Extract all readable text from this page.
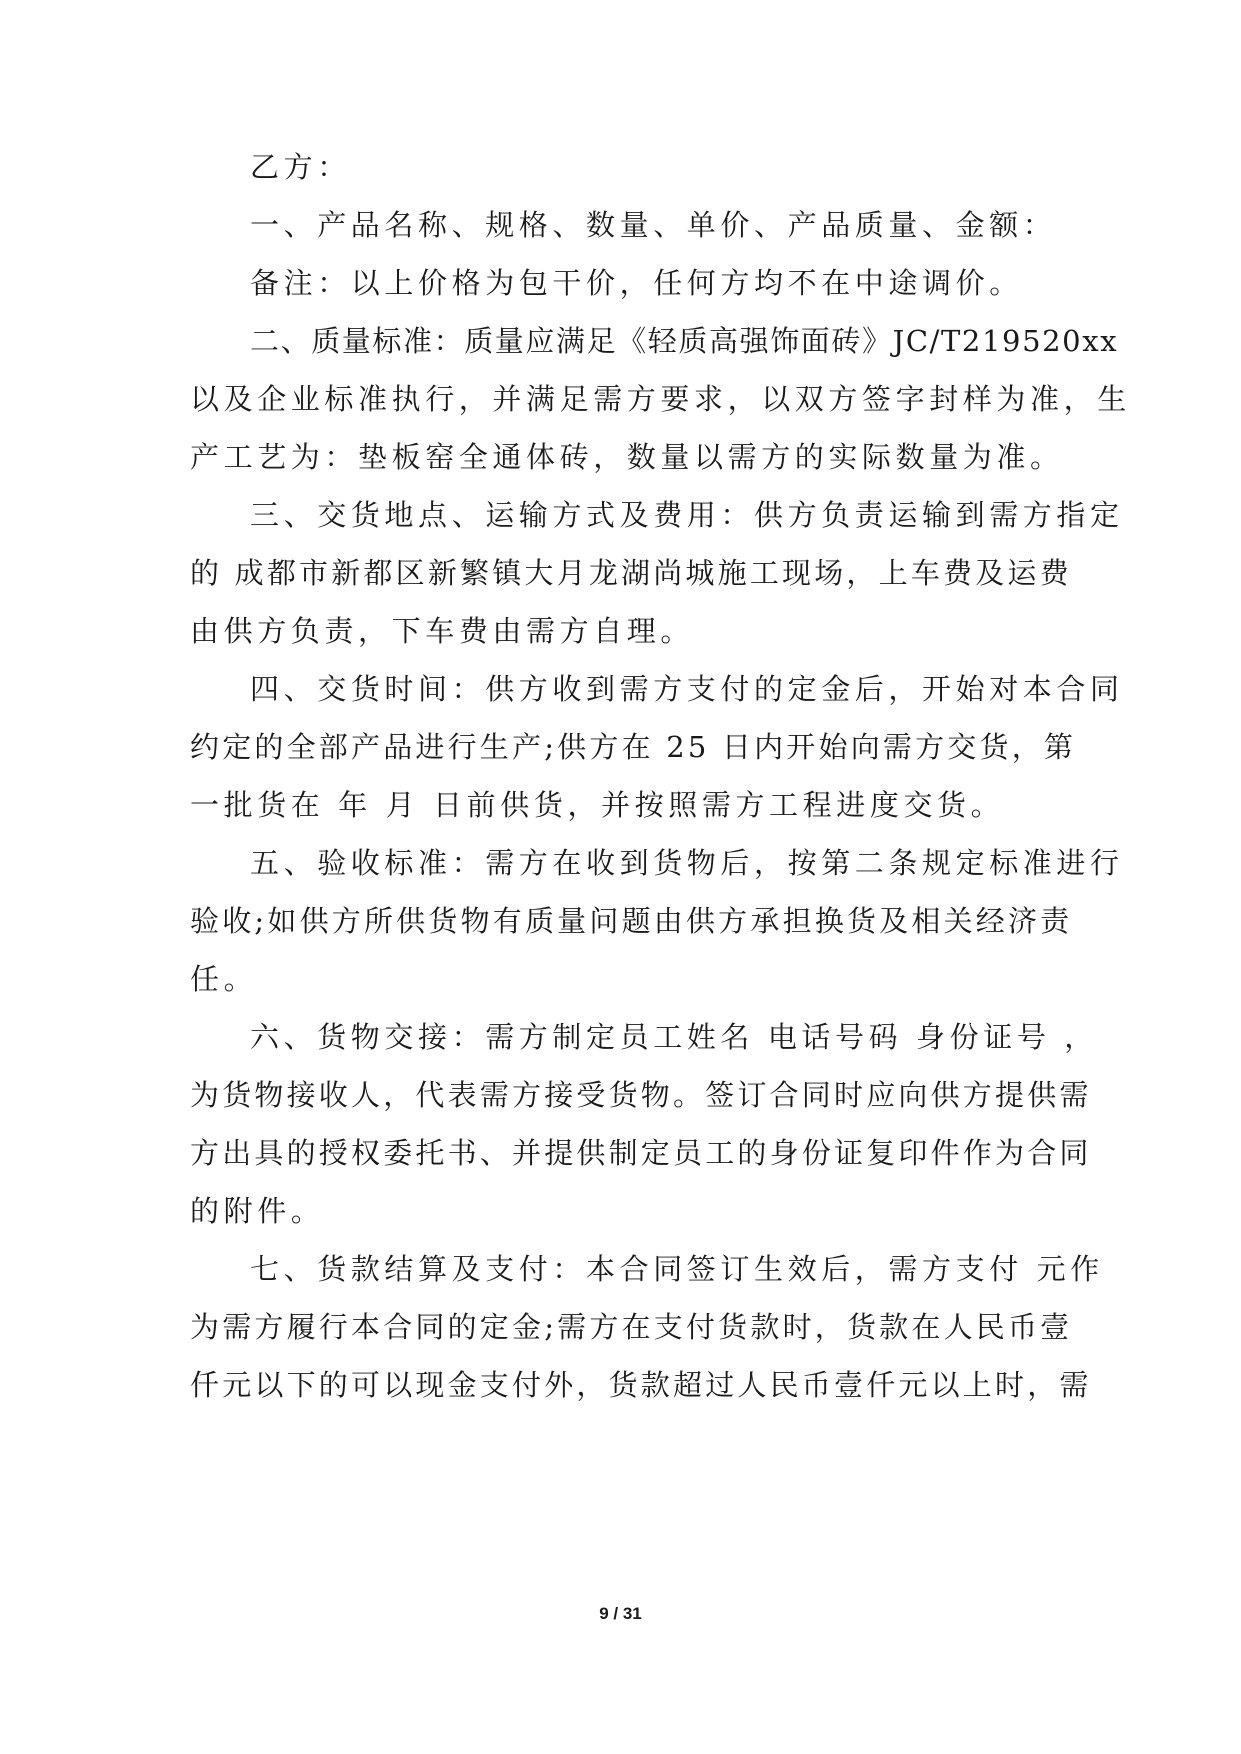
乙方：
一、产品名称、规格、数量、单价、产品质量、金额：
备注：以上价格为包干价，任何方均不在中途调价。
二、质量标准：质量应满足《轻质高强饰面砖》JC/T219520xx
以及企业标准执行，并满足需方要求，以双方签字封样为准，生
产工艺为：垫板窑全通体砖，数量以需方的实际数量为准。
三、交货地点、运输方式及费用：供方负责运输到需方指定
的 成都市新都区新繁镇大月龙湖尚城施工现场，上车费及运费
由供方负责，下车费由需方自理。
四、交货时间：供方收到需方支付的定金后，开始对本合同
约定的全部产品进行生产;供方在 25 日内开始向需方交货，第
一批货在 年 月 日前供货，并按照需方工程进度交货。
五、验收标准：需方在收到货物后，按第二条规定标准进行
验收;如供方所供货物有质量问题由供方承担换货及相关经济责
任。
六、货物交接：需方制定员工姓名 电话号码 身份证号 ，
为货物接收人，代表需方接受货物。签订合同时应向供方提供需
方出具的授权委托书、并提供制定员工的身份证复印件作为合同
的附件。
七、货款结算及支付：本合同签订生效后，需方支付 元作
为需方履行本合同的定金;需方在支付货款时，货款在人民币壹
仟元以下的可以现金支付外，货款超过人民币壹仟元以上时，需
9 / 31
